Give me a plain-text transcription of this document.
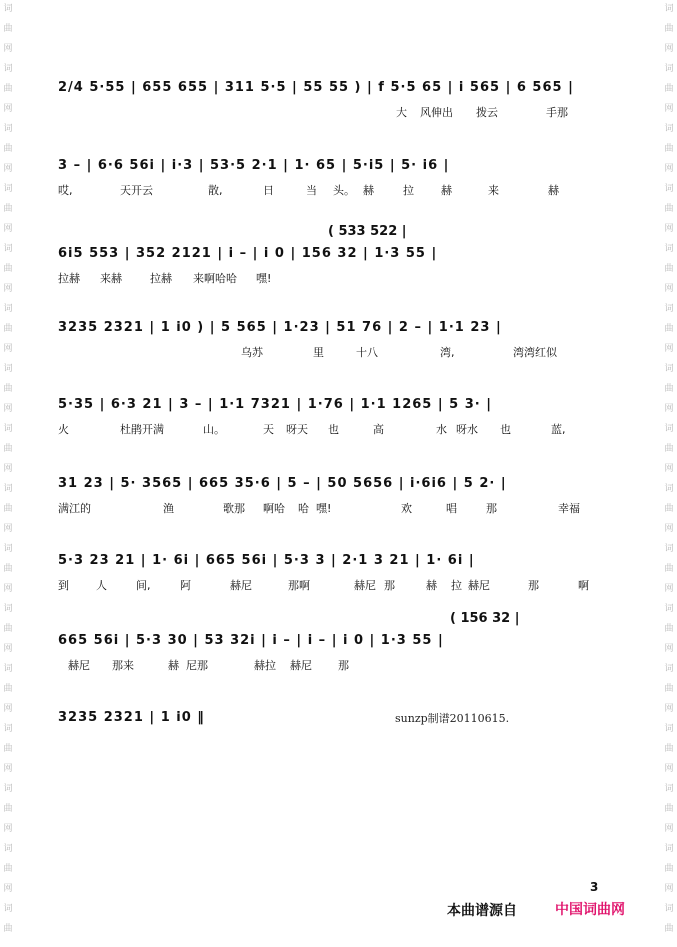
词
曲
网
词
曲
网
词
曲
网
词
曲
网
词
曲
网
词
曲
网
词
曲
网
词
曲
网
词
曲
网
词
曲
网
词
曲
网
词
曲
网
词
曲
网
词
曲
网
词
曲
网
词
曲
词
曲
网
词
曲
网
词
曲
网
词
曲
网
词
曲
网
词
曲
网
词
曲
网
词
曲
网
词
曲
网
词
曲
网
词
曲
网
词
曲
网
词
曲
网
词
曲
网
词
曲
网
词
曲
2/4 5·55 | 655 655 | 311 5·5 | 55 55 ) | f 5·5 65 | i 565 | 6 565 |
大 风伸出 拨云	手那
3 – | 6·6 56i | i·3 | 53·5 2·1 | 1· 65 | 5·i5 | 5· i6 |
哎,	天开云	散,	日	当 头。 赫	拉 赫	来	赫
( 533 522 |
6i5 553 | 352 2121 | i – | i 0 | 156 32 | 1·3 55 |
拉赫 来赫	拉赫 来啊哈哈 嘿!
3235 2321 | 1 i0 ) | 5 565 | 1·23 | 51 76 | 2 – | 1·1 23 |
乌苏	里	十八	湾,	湾湾红似
5·35 | 6·3 21 | 3 – | 1·1 7321 | 1·76 | 1·1 1265 | 5 3· |
火	杜鹃开满	山。	天 呀天 也	高	水 呀水 也	蓝,
31 23 | 5· 3565 | 665 35·6 | 5 – | 50 5656 | i·6i6 | 5 2· |
满江的	渔	歌那 啊哈 哈 嘿!	欢	唱	那	幸福
5·3 23 21 | 1· 6i | 665 56i | 5·3 3 | 2·1 3 21 | 1· 6i |
到 人	间,	阿	赫尼	那啊	赫尼 那	赫 拉 赫尼	那	啊
( 156 32 |
665 56i | 5·3 30 | 53 32i | i – | i – | i 0 | 1·3 55 |
赫尼 那来	赫 尼那	赫拉 赫尼 那
3235 2321 | 1 i0 ‖	sunzp制谱20110615.
3
本曲谱源自	中国词曲网
